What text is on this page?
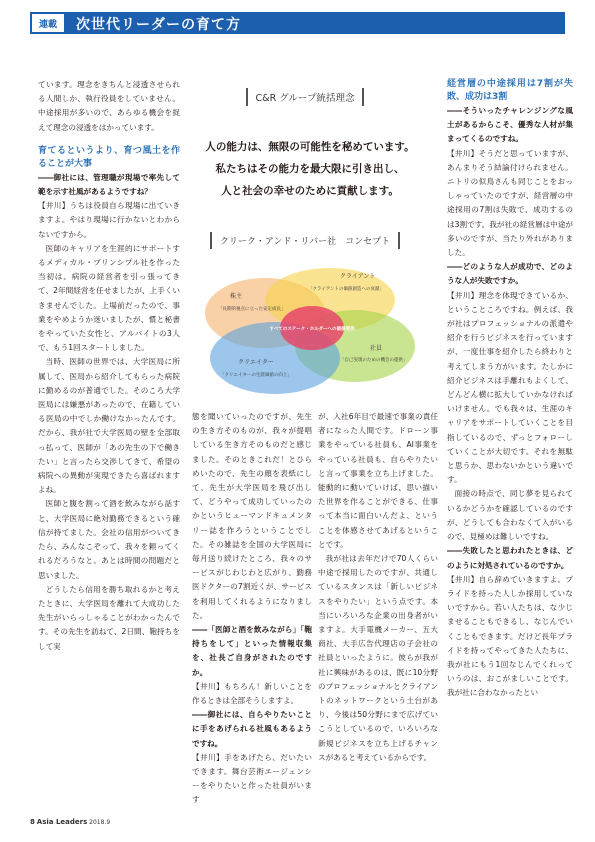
連載	次世代リーダーの育て方

ています。理念をきちんと浸透させられる人間しか、執行役員をしていません。中途採用が多いので、あらゆる機会を捉えて理念の浸透をはかっています。

育てるというより、育つ風土を作ることが大事

――御社には、管理職が現場で率先して範を示す社風があるようですね？

【井川】うちは役員自ら現場に出ていきますよ。やはり現場に行かないとわからないですから。

医師のキャリアを生涯的にサポートするメディカル・プリンシプル社を作った当初は、病院の経営者を引っ張ってきて、2年間経営を任せましたが、上手くいきませんでした。上場前だったので、事業をやめようか迷いましたが、慣と秘書をやっていた女性と、アルバイトの3人で、もう1回スタートしました。

当時、医師の世界では、大学医局に所属して、医局から紹介してもらった病院に勤めるのが普通でした。そのころ大学医局には嫌悪があったので、在籍している医局の中でしか働けなかったんです。だから、我が社で大学医局の壁を全部取っ払って、医師が「あの先生の下で働きたい」と言ったら交渉してきて、希望の病院への異動が実現できたら喜ばれますよね。

医師と腹を割って酒を飲みながら話すと、大学医局に絶対勤務できるという確信が持てました。会社の信用がついてきたら、みんなこぞって、我々を頼ってくれるだろうなと。あとは時間の問題だと思いました。

どうしたら信用を勝ち取れるかと考えたときに、大学医局を離れて大成功した先生がいらっしゃることがわかったんです。その先生を訪ねて、2日間、鞄持ちをして実

C&R グループ統括理念
人の能力は、無限の可能性を秘めています。
私たちはその能力を最大限に引き出し、
人と社会の幸せのために貢献します。
クリーク・アンド・リバー社　コンセプト
株主
「長期的視点に立った安定成長」
クライアント
「クライアントの価値創造への貢献」
社員
「自己実現のための機会の提供」
クリエイター
「クリエイターの生涯価値の向上」
すべてのステーク・ホルダーへの価値提供

態を聞いていったのですが、先生の生き方そのものが、我々が提唱している生き方そのものだと感じました。そのときこれだ！とひらめいたので、先生の顔を表紙にして、先生が大学医局を飛び出して、どうやって成功していったのかというヒューマンドキュメンタリー誌を作ろうということでした。その雑誌を全国の大学医局に毎月送り続けたところ、我々のサービスがじわじわと広がり、勤務医ドクターの7割近くが、サービスを利用してくれるようになりました。

――「医師と酒を飲みながら」「鞄持ちをして」といった情報収集を、社長ご自身がされたのですか。

【井川】もちろん！新しいことを作るときは全部そうしますよ。

――御社には、自らやりたいことに手をあげられる社風もあるようですね。

【井川】手をあげたら、だいたいできます。舞台芸術エージェンシーをやりたいと作った社員がいます

が、入社6年目で最速で事業の責任者になった人間です。ドローン事業をやっている社員も、AI事業をやっている社員も、自らやりたいと言って事業を立ち上げました。能動的に動いていけば、思い描いた世界を作ることができる、仕事って本当に面白いんだよ、ということを体感させてあげるということです。

我が社は去年だけで70人くらい中途で採用したのですが、共通しているスタンスは「新しいビジネスをやりたい」という点です。本当にいろいろな企業の出身者がいますよ。大手電機メーカー、五大商社、大手広告代理店の子会社の社員といったように。彼らが我が社に興味があるのは、既に10分野のプロフェッショナルとクライアントのネットワークという土台があり、今後は50分野にまで広げていこうとしているので、いろいろな新規ビジネスを立ち上げるチャンスがあると考えているからです。

経営層の中途採用は7割が失敗、成功は3割

――そういったチャレンジングな風土があるからこそ、優秀な人材が集まってくるのですね。

【井川】そうだと思っていますが、あんまりそう結論付けられません。ニトリの似鳥さんも同じことをおっしゃっていたのですが、経営層の中途採用の7割は失敗で、成功するのは3割です。我が社の経営層は中途が多いのですが、当たり外れがありました。

――どのような人が成功で、どのような人が失敗ですか。

【井川】理念を体現できているか、ということころですね。例えば、我が社はプロフェッショナルの派遣や紹介を行うビジネスを行っていますが、一度仕事を紹介したら終わりと考えてしまう方がいます。たしかに紹介ビジネスは手離れもよくして、どんどん横に拡大していかなければいけません。でも我々は、生涯のキャリアをサポートしていくことを目指しているので、ずっとフォローしていくことが大切です。それを無駄と思うか、思わないかという違いです。

面接の時点で、同じ夢を見られているかどうかを確認しているのですが、どうしても合わなくて入がいるので、見極めは難しいですね。

――失敗したと思われたときは、どのように対処されているのですか。

【井川】自ら辞めていきますよ。プライドを持った人しか採用していないですから。若い人たちは、な少じませることもできるし、なじんでいくこともできます。だけど長年プライドを持ってやってきた人たちに、我が社にもう1回なじんでくれっていうのは、おこがましいことです。我が社に合わなかったとい

8 Asia Leaders 2018.9
